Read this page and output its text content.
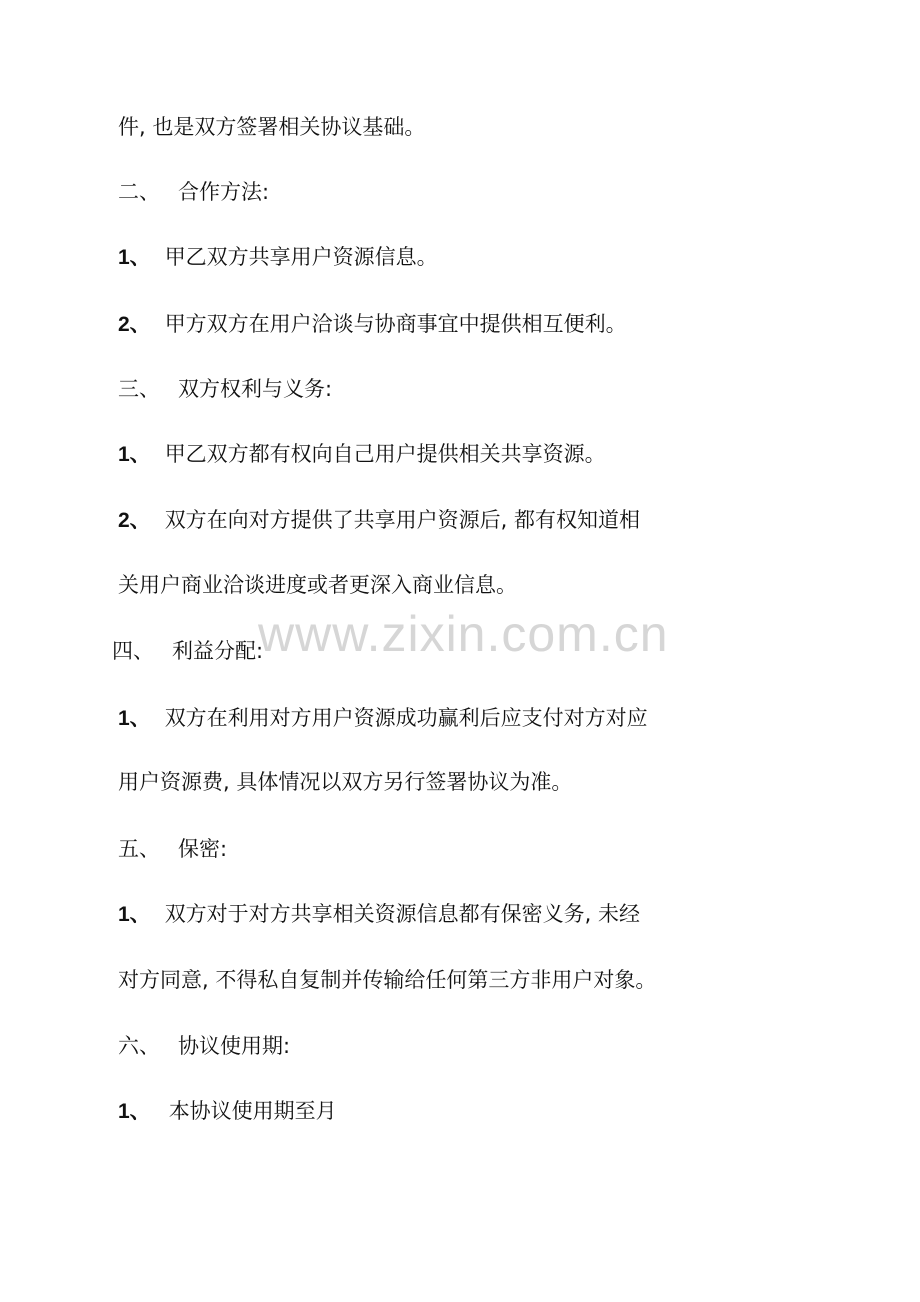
件, 也是双方签署相关协议基础。
二、 合作方法:
1、 甲乙双方共享用户资源信息。
2、 甲方双方在用户洽谈与协商事宜中提供相互便利。
三、 双方权利与义务:
1、 甲乙双方都有权向自己用户提供相关共享资源。
2、 双方在向对方提供了共享用户资源后, 都有权知道相
关用户商业洽谈进度或者更深入商业信息。
www.zixin.com.cn
四、 利益分配:
1、 双方在利用对方用户资源成功赢利后应支付对方对应
用户资源费, 具体情况以双方另行签署协议为准。
五、 保密:
1、 双方对于对方共享相关资源信息都有保密义务, 未经
对方同意, 不得私自复制并传输给任何第三方非用户对象。
六、 协议使用期:
1、 本协议使用期至月
